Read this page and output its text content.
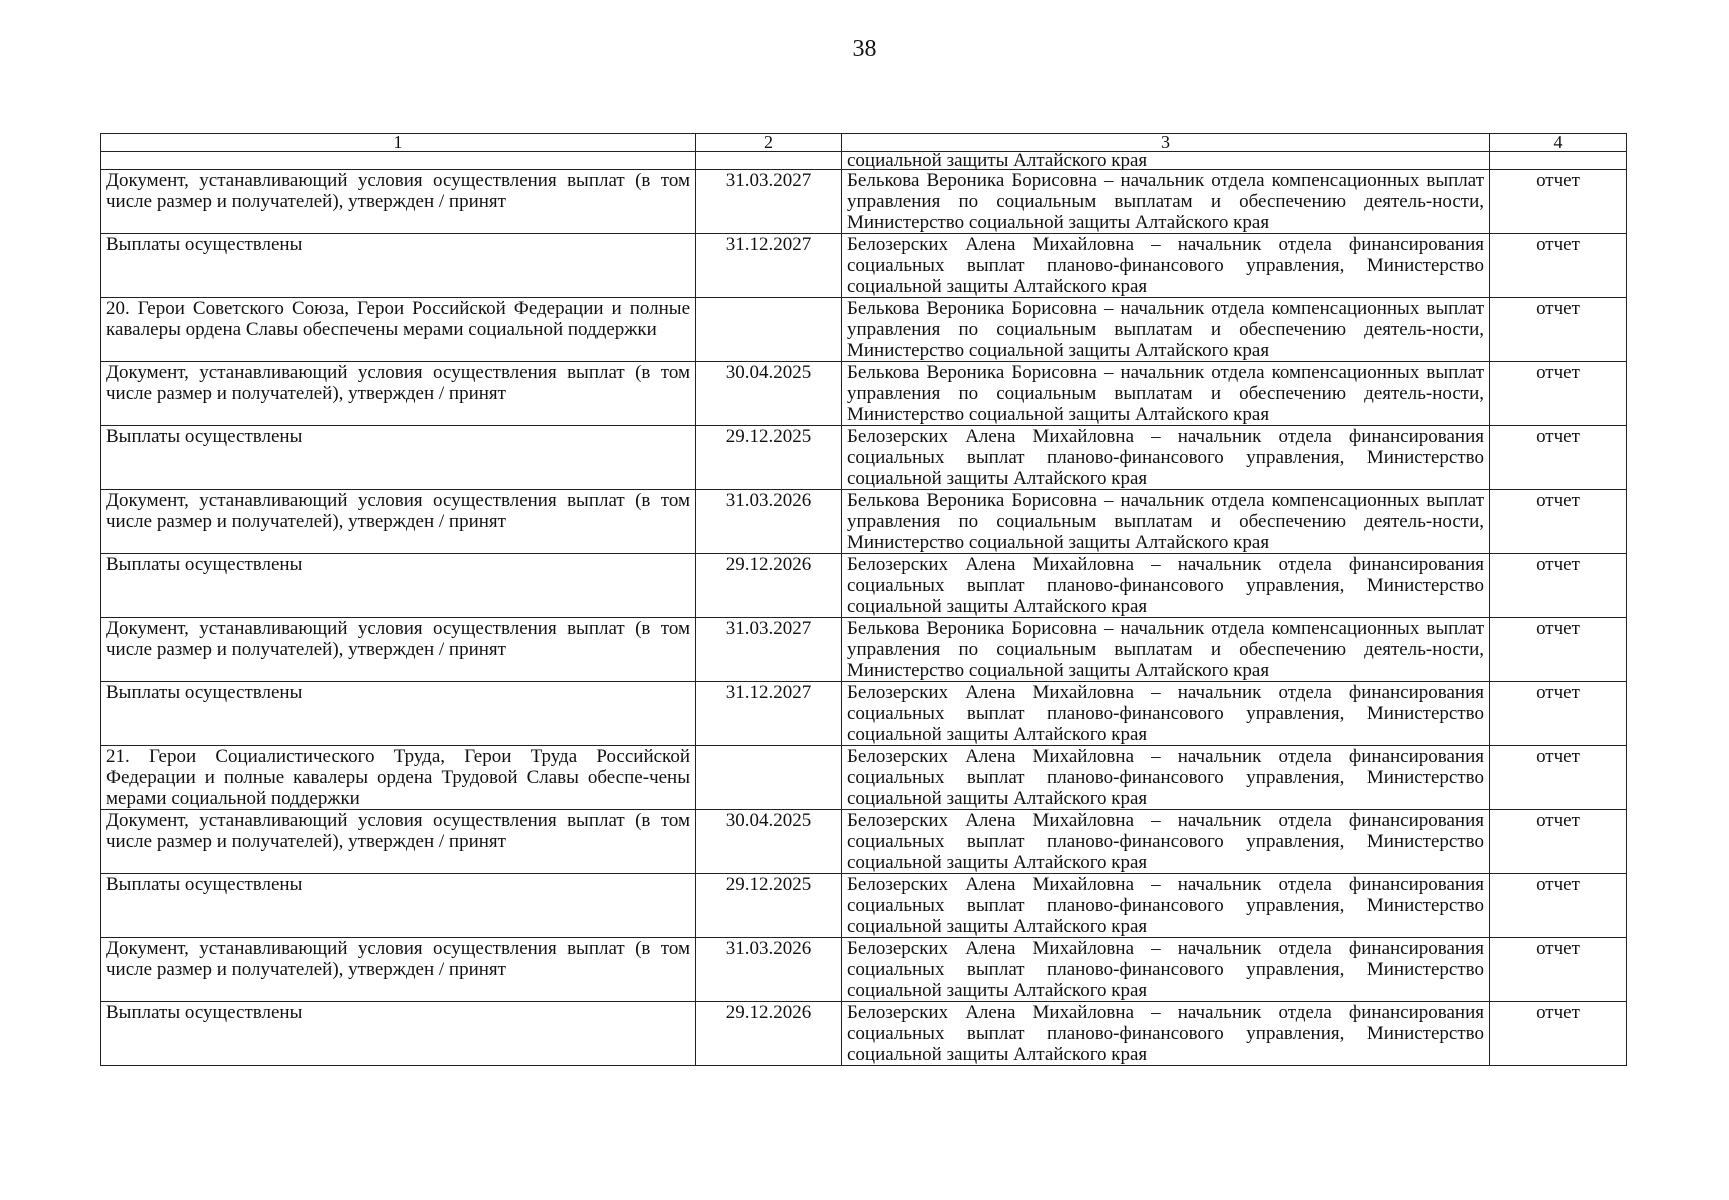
38
1	2	3	4
		социальной защиты Алтайского края	
Документ, устанавливающий условия осуществления выплат (в том числе размер и получателей), утвержден / принят	31.03.2027	Белькова Вероника Борисовна – начальник отдела компенсационных выплат управления по социальным выплатам и обеспечению деятель-ности, Министерство социальной защиты Алтайского края	отчет
Выплаты осуществлены	31.12.2027	Белозерских Алена Михайловна – начальник отдела финансирования социальных выплат планово-финансового управления, Министерство социальной защиты Алтайского края	отчет
20. Герои Советского Союза, Герои Российской Федерации и полные кавалеры ордена Славы обеспечены мерами социальной поддержки		Белькова Вероника Борисовна – начальник отдела компенсационных выплат управления по социальным выплатам и обеспечению деятель-ности, Министерство социальной защиты Алтайского края	отчет
Документ, устанавливающий условия осуществления выплат (в том числе размер и получателей), утвержден / принят	30.04.2025	Белькова Вероника Борисовна – начальник отдела компенсационных выплат управления по социальным выплатам и обеспечению деятель-ности, Министерство социальной защиты Алтайского края	отчет
Выплаты осуществлены	29.12.2025	Белозерских Алена Михайловна – начальник отдела финансирования социальных выплат планово-финансового управления, Министерство социальной защиты Алтайского края	отчет
Документ, устанавливающий условия осуществления выплат (в том числе размер и получателей), утвержден / принят	31.03.2026	Белькова Вероника Борисовна – начальник отдела компенсационных выплат управления по социальным выплатам и обеспечению деятель-ности, Министерство социальной защиты Алтайского края	отчет
Выплаты осуществлены	29.12.2026	Белозерских Алена Михайловна – начальник отдела финансирования социальных выплат планово-финансового управления, Министерство социальной защиты Алтайского края	отчет
Документ, устанавливающий условия осуществления выплат (в том числе размер и получателей), утвержден / принят	31.03.2027	Белькова Вероника Борисовна – начальник отдела компенсационных выплат управления по социальным выплатам и обеспечению деятель-ности, Министерство социальной защиты Алтайского края	отчет
Выплаты осуществлены	31.12.2027	Белозерских Алена Михайловна – начальник отдела финансирования социальных выплат планово-финансового управления, Министерство социальной защиты Алтайского края	отчет
21. Герои Социалистического Труда, Герои Труда Российской Федерации и полные кавалеры ордена Трудовой Славы обеспе-чены мерами социальной поддержки		Белозерских Алена Михайловна – начальник отдела финансирования социальных выплат планово-финансового управления, Министерство социальной защиты Алтайского края	отчет
Документ, устанавливающий условия осуществления выплат (в том числе размер и получателей), утвержден / принят	30.04.2025	Белозерских Алена Михайловна – начальник отдела финансирования социальных выплат планово-финансового управления, Министерство социальной защиты Алтайского края	отчет
Выплаты осуществлены	29.12.2025	Белозерских Алена Михайловна – начальник отдела финансирования социальных выплат планово-финансового управления, Министерство социальной защиты Алтайского края	отчет
Документ, устанавливающий условия осуществления выплат (в том числе размер и получателей), утвержден / принят	31.03.2026	Белозерских Алена Михайловна – начальник отдела финансирования социальных выплат планово-финансового управления, Министерство социальной защиты Алтайского края	отчет
Выплаты осуществлены	29.12.2026	Белозерских Алена Михайловна – начальник отдела финансирования социальных выплат планово-финансового управления, Министерство социальной защиты Алтайского края	отчет
